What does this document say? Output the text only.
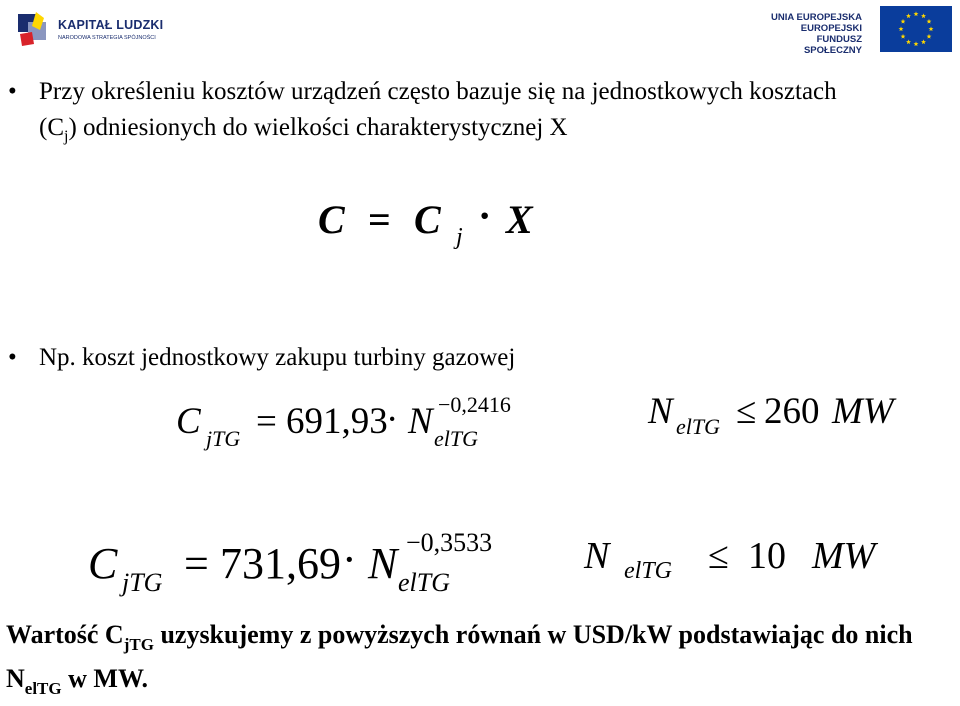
KAPITAŁ LUDZKI
NARODOWA STRATEGIA SPÓJNOŚCI
UNIA EUROPEJSKA
EUROPEJSKI
FUNDUSZ SPOŁECZNY
• Przy określeniu kosztów urządzeń często bazuje się na jednostkowych kosztach $(C_j)$ odniesionych do wielkości charakterystycznej X
C = C j · X
• Np. koszt jednostkowy zakupu turbiny gazowej
C jTG = 691,93
· N elTG
−0,2416	N elTG ≤ 260 MW
C jTG = 731,69 · N elTG
−0,3533 N elTG ≤ 10 MW
Wartość $C_{jTG}$ uzyskujemy z powyższych równań w USD/kW podstawiając do nich $N_{elTG}$ w MW.
